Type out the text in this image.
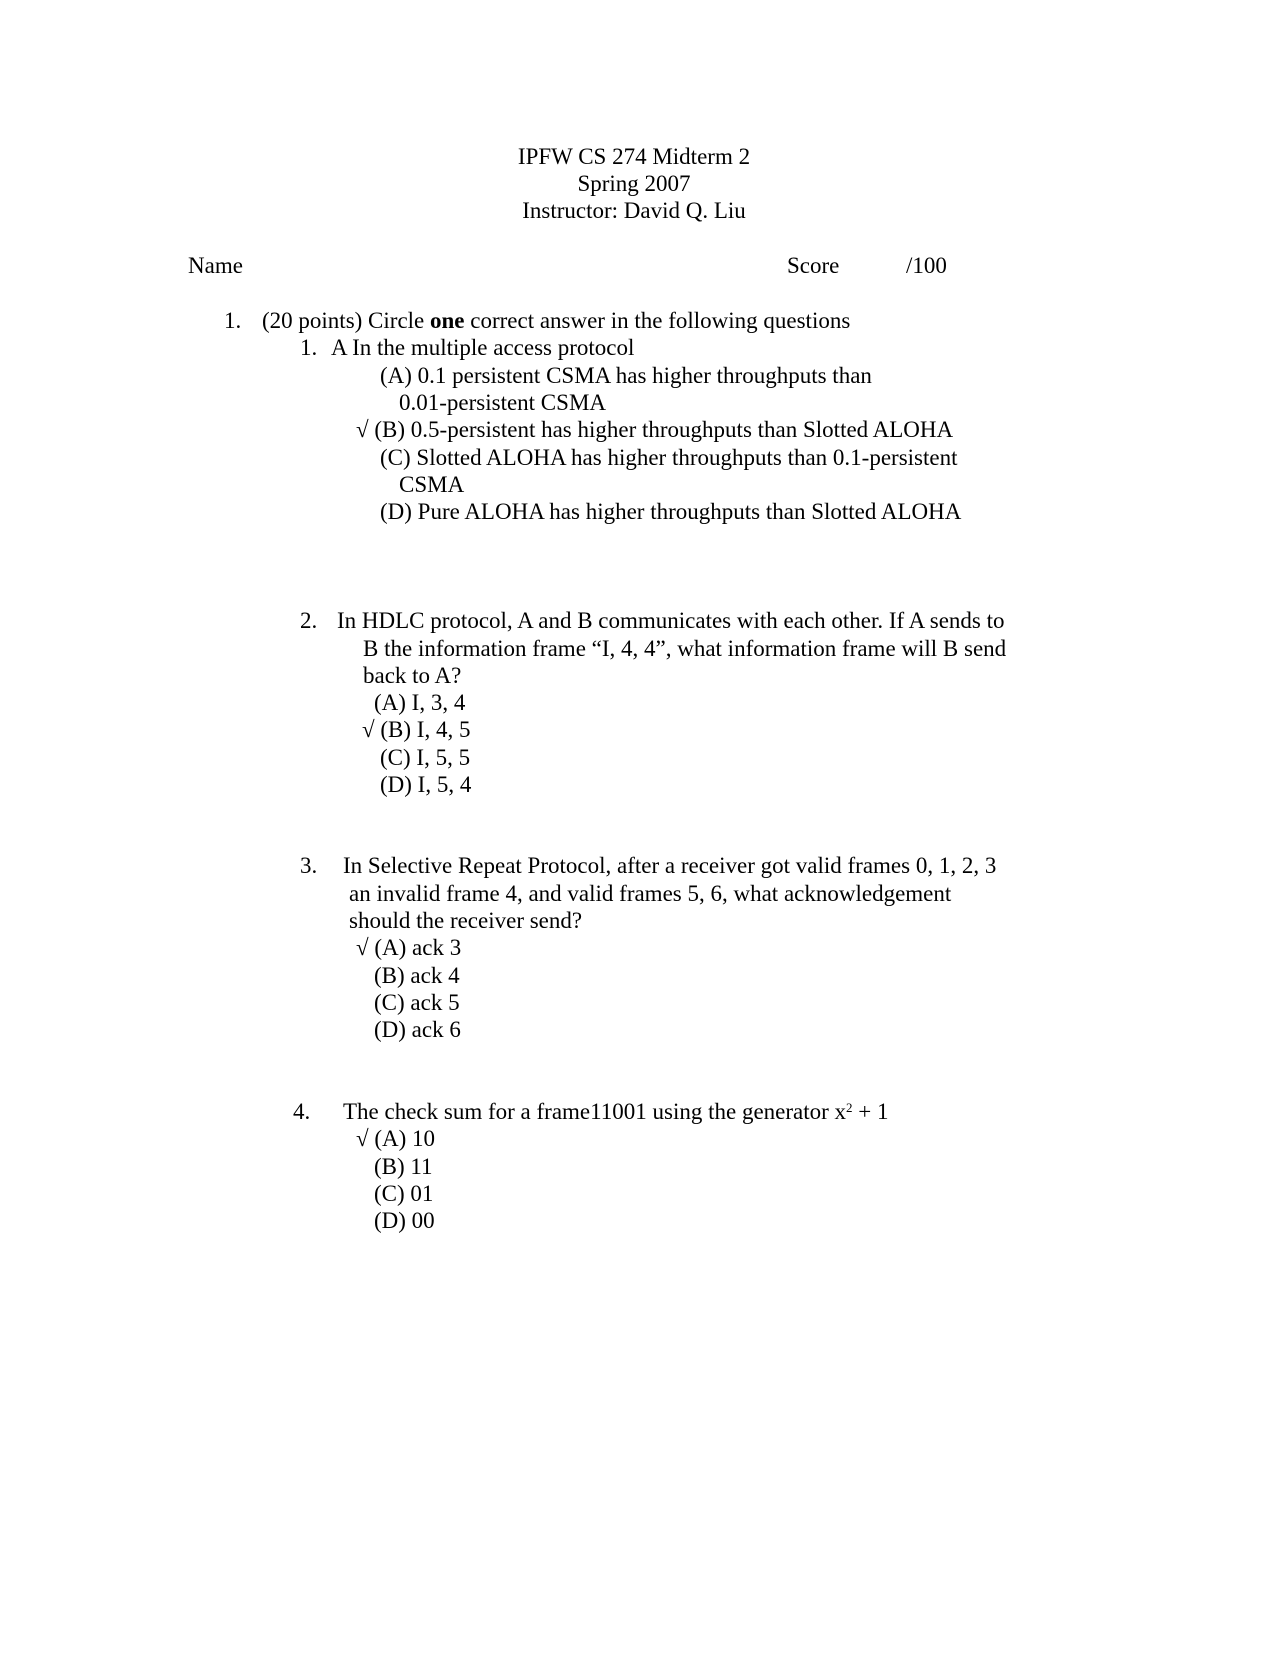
IPFW CS 274 Midterm 2
Spring 2007
Instructor: David Q. Liu
Name	Score	/100
1. (20 points) Circle one correct answer in the following questions
1. A In the multiple access protocol
(A) 0.1 persistent CSMA has higher throughputs than
0.01-persistent CSMA
√ (B) 0.5-persistent has higher throughputs than Slotted ALOHA
(C) Slotted ALOHA has higher throughputs than 0.1-persistent
CSMA
(D) Pure ALOHA has higher throughputs than Slotted ALOHA
2. In HDLC protocol, A and B communicates with each other. If A sends to
B the information frame “I, 4, 4”, what information frame will B send
back to A?
(A) I, 3, 4
√ (B) I, 4, 5
(C) I, 5, 5
(D) I, 5, 4
3. In Selective Repeat Protocol, after a receiver got valid frames 0, 1, 2, 3
an invalid frame 4, and valid frames 5, 6, what acknowledgement
should the receiver send?
√ (A) ack 3
(B) ack 4
(C) ack 5
(D) ack 6
4. The check sum for a frame11001 using the generator $x^2 + 1$
√ (A) 10
(B) 11
(C) 01
(D) 00
